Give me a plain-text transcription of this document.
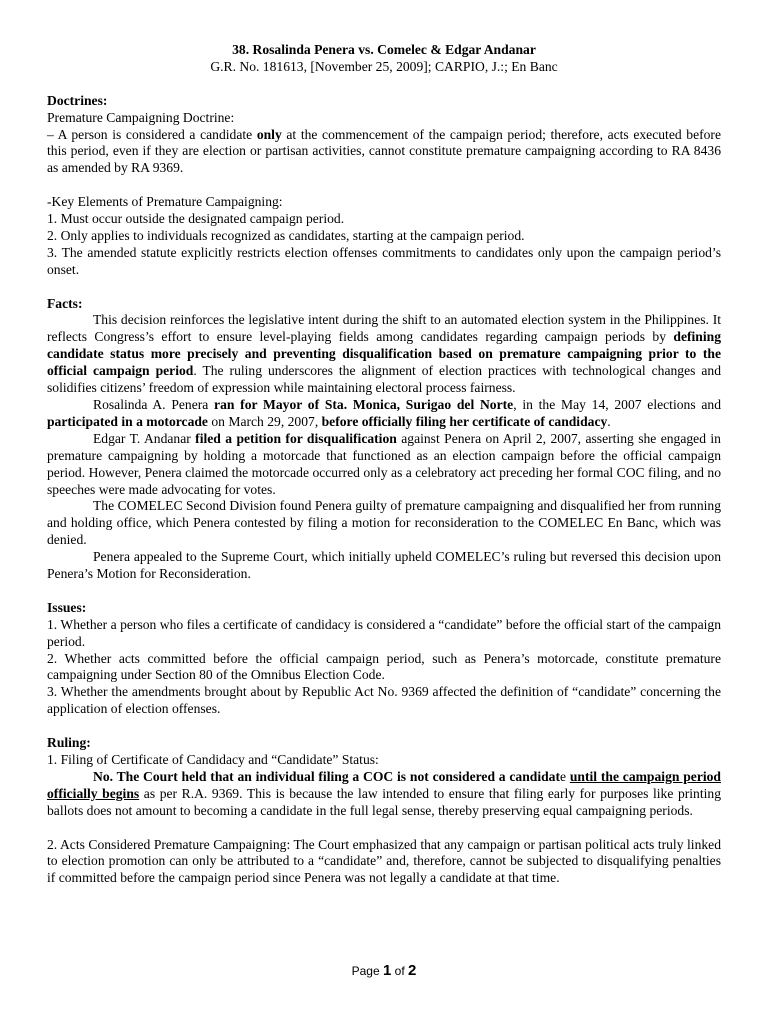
38. Rosalinda Penera vs. Comelec & Edgar Andanar
G.R. No. 181613, [November 25, 2009]; CARPIO, J.:; En Banc
Doctrines:
Premature Campaigning Doctrine:
– A person is considered a candidate only at the commencement of the campaign period; therefore, acts executed before this period, even if they are election or partisan activities, cannot constitute premature campaigning according to RA 8436 as amended by RA 9369.
-Key Elements of Premature Campaigning:
1. Must occur outside the designated campaign period.
2. Only applies to individuals recognized as candidates, starting at the campaign period.
3. The amended statute explicitly restricts election offenses commitments to candidates only upon the campaign period’s onset.
Facts:
This decision reinforces the legislative intent during the shift to an automated election system in the Philippines. It reflects Congress’s effort to ensure level-playing fields among candidates regarding campaign periods by defining candidate status more precisely and preventing disqualification based on premature campaigning prior to the official campaign period. The ruling underscores the alignment of election practices with technological changes and solidifies citizens’ freedom of expression while maintaining electoral process fairness.
Rosalinda A. Penera ran for Mayor of Sta. Monica, Surigao del Norte, in the May 14, 2007 elections and participated in a motorcade on March 29, 2007, before officially filing her certificate of candidacy.
Edgar T. Andanar filed a petition for disqualification against Penera on April 2, 2007, asserting she engaged in premature campaigning by holding a motorcade that functioned as an election campaign before the official campaign period. However, Penera claimed the motorcade occurred only as a celebratory act preceding her formal COC filing, and no speeches were made advocating for votes.
The COMELEC Second Division found Penera guilty of premature campaigning and disqualified her from running and holding office, which Penera contested by filing a motion for reconsideration to the COMELEC En Banc, which was denied.
Penera appealed to the Supreme Court, which initially upheld COMELEC’s ruling but reversed this decision upon Penera’s Motion for Reconsideration.
Issues:
1. Whether a person who files a certificate of candidacy is considered a “candidate” before the official start of the campaign period.
2. Whether acts committed before the official campaign period, such as Penera’s motorcade, constitute premature campaigning under Section 80 of the Omnibus Election Code.
3. Whether the amendments brought about by Republic Act No. 9369 affected the definition of “candidate” concerning the application of election offenses.
Ruling:
1. Filing of Certificate of Candidacy and “Candidate” Status:
No. The Court held that an individual filing a COC is not considered a candidate until the campaign period officially begins as per R.A. 9369. This is because the law intended to ensure that filing early for purposes like printing ballots does not amount to becoming a candidate in the full legal sense, thereby preserving equal campaigning periods.
2. Acts Considered Premature Campaigning: The Court emphasized that any campaign or partisan political acts truly linked to election promotion can only be attributed to a “candidate” and, therefore, cannot be subjected to disqualifying penalties if committed before the campaign period since Penera was not legally a candidate at that time.
Page 1 of 2
